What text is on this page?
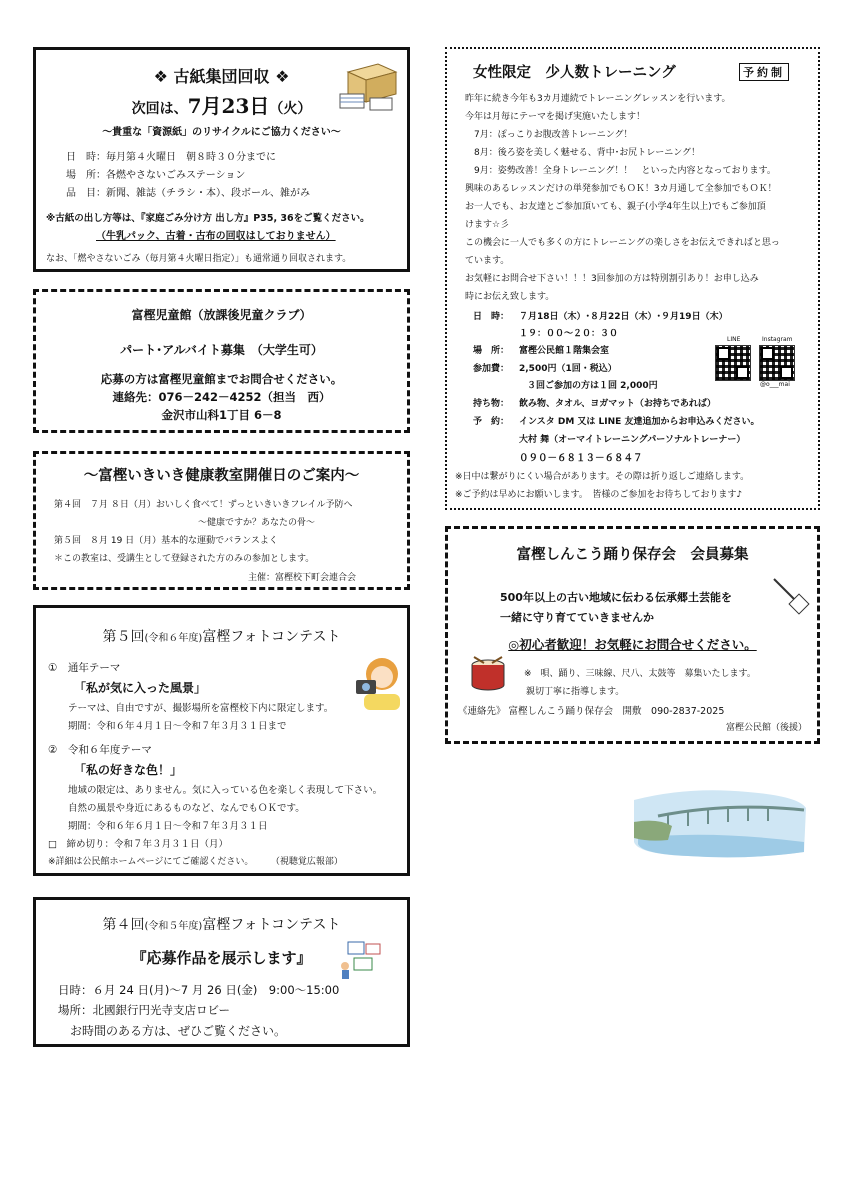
❖ 古紙集団回収 ❖
次回は、7月23日（火）
～貴重な「資源紙」のリサイクルにご協力ください～
日　時：毎月第４火曜日　朝８時３０分までに
場　所：各燃やさないごみステーション
品　目：新聞、雑誌（チラシ・本）、段ボール、雑がみ
※古紙の出し方等は、『家庭ごみ分け方 出し方』P35, 36をご覧ください。
（牛乳パック、古着・古布の回収はしておりません）
なお、「燃やさないごみ（毎月第４火曜日指定）」も通常通り回収されます。
富樫児童館（放課後児童クラブ）
パート･アルバイト募集　（大学生可）
応募の方は富樫児童館までお問合せください。
連絡先：076－242－4252（担当　西）
金沢市山科1丁目 6－8
～富樫いきいき健康教室開催日のご案内～
第４回　７月 ８日（月）おいしく食べて！ずっといきいきフレイル予防へ
～健康ですか？あなたの骨～
第５回　８月 19 日（月）基本的な運動でバランスよく
＊この教室は、受講生として登録された方のみの参加とします。
主催：富樫校下町会連合会
第５回(令和６年度)富樫フォトコンテスト
①　通年テーマ
「私が気に入った風景」
テーマは、自由ですが、撮影場所を富樫校下内に限定します。
期間：令和６年４月１日～令和７年３月３１日まで
②　令和６年度テーマ
「私の好きな色！」
地域の限定は、ありません。気に入っている色を楽しく表現して下さい。
自然の風景や身近にあるものなど、なんでもＯＫです。
期間：令和６年６月１日～令和７年３月３１日
□　締め切り：令和７年３月３１日（月）
※詳細は公民館ホームページにてご確認ください。 （視聴覚広報部）
第４回(令和５年度)富樫フォトコンテスト
『応募作品を展示します』
日時：６月 24 日(月)～7 月 26 日(金)　9:00～15:00
場所：北國銀行円光寺支店ロビー
お時間のある方は、ぜひご覧ください。
女性限定　少人数トレーニング	予約制
昨年に続き今年も3カ月連続でトレーニングレッスンを行います。
今年は月毎にテーマを掲げ実施いたします！
　7月：ぽっこりお腹改善トレーニング！
　8月：後ろ姿を美しく魅せる、背中･お尻トレーニング！
　9月：姿勢改善！全身トレーニング！！　といった内容となっております。
興味のあるレッスンだけの単発参加でもＯＫ！3カ月通して全参加でもＯＫ！
お一人でも、お友達とご参加頂いても、親子(小学4年生以上)でもご参加頂
けます☆彡
この機会に一人でも多くの方にトレーニングの楽しさをお伝えできればと思っ
ています。
お気軽にお問合せ下さい！！！3回参加の方は特別割引あり！お申し込み
時にお伝え致します。
日　時： ７月18日（木）･８月22日（木）･９月19日（木）
１９：００～２０：３０
場　所： 富樫公民館１階集会室
参加費： 2,500円（1回・税込）
３回ご参加の方は１回 2,000円
持ち物： 飲み物、タオル、ヨガマット（お持ちであれば）
予　約： インスタ DM 又は LINE 友達追加からお申込みください。
大村 舞（オーマイトレーニングパーソナルトレーナー）
０９０－６８１３－６８４７
LINE	Instagram
@o___mai
※日中は繋がりにくい場合があります。その際は折り返しご連絡します。
※ご予約は早めにお願いします。　皆様のご参加をお待ちしております♪
富樫しんこう踊り保存会　会員募集
500年以上の古い地域に伝わる伝承郷土芸能を
一緒に守り育てていきませんか
◎初心者歓迎！お気軽にお問合せください。
※　唄、踊り、三味線、尺八、太鼓等　募集いたします。
親切丁寧に指導します。
《連絡先》 富樫しんこう踊り保存会　開敷　090-2837-2025
富樫公民館（後援）
